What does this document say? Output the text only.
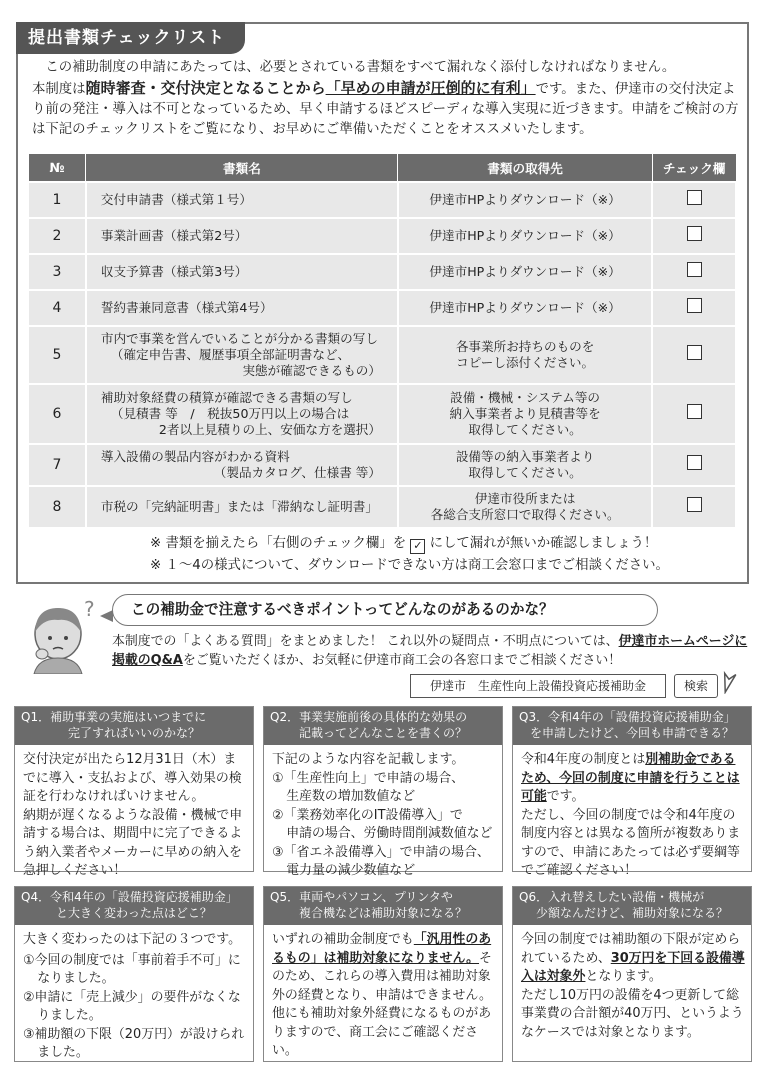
提出書類チェックリスト

この補助制度の申請にあたっては、必要とされている書類をすべて漏れなく添付しなければなりません。

本制度は随時審査・交付決定となることから「早めの申請が圧倒的に有利」です。また、伊達市の交付決定より前の発注・導入は不可となっているため、早く申請するほどスピーディな導入実現に近づきます。申請をご検討の方は下記のチェックリストをご覧になり、お早めにご準備いただくことをオススメいたします。
№	書類名	書類の取得先	チェック欄
1	交付申請書（様式第１号）	伊達市HPよりダウンロード（※）	
2	事業計画書（様式第2号）	伊達市HPよりダウンロード（※）	
3	収支予算書（様式第3号）	伊達市HPよりダウンロード（※）	
4	誓約書兼同意書（様式第4号）	伊達市HPよりダウンロード（※）	
5	市内で事業を営んでいることが分かる書類の写し
（確定申告書、履歴事項全部証明書など、
実態が確認できるもの）	各事業所お持ちのものを
コピーし添付ください。	

6	補助対象経費の積算が確認できる書類の写し
（見積書 等　/　税抜50万円以上の場合は
2者以上見積りの上、安価な方を選択）	設備・機械・システム等の
納入事業者より見積書等を
取得してください。	

7	導入設備の製品内容がわかる資料
（製品カタログ、仕様書 等）	設備等の納入事業者より
取得してください。	

8	市税の「完納証明書」または「滞納なし証明書」	伊達市役所または
各総合支所窓口で取得ください。	

※ 書類を揃えたら「右側のチェック欄」を ✓ にして漏れが無いか確認しましょう！
※ １～4の様式について、ダウンロードできない方は商工会窓口までご相談ください。
?	この補助金で注意するべきポイントってどんなのがあるのかな？
本制度での「よくある質問」をまとめました！ これ以外の疑問点・不明点については、伊達市ホームページに掲載のQ&Aをご覧いただくほか、お気軽に伊達市商工会の各窓口までご相談ください！
伊達市　生産性向上設備投資応援補助金	検索
Q1．補助事業の実施はいつまでに
完了すればいいのかな？
交付決定が出たら12月31日（木）までに導入・支払および、導入効果の検証を行わなければいけません。
納期が遅くなるような設備・機械で申請する場合は、期間中に完了できるよう納入業者やメーカーに早めの納入を急押しください！
Q2．事業実施前後の具体的な効果の
記載ってどんなことを書くの？
下記のような内容を記載します。
①「生産性向上」で申請の場合、
生産数の増加数値など
②「業務効率化のIT設備導入」で
申請の場合、労働時間削減数値など
③「省エネ設備導入」で申請の場合、
電力量の減少数値など
Q3．令和4年の「設備投資応援補助金」
を申請したけど、今回も申請できる？
令和4年度の制度とは別補助金であるため、今回の制度に申請を行うことは可能です。
ただし、今回の制度では令和4年度の制度内容とは異なる箇所が複数ありますので、申請にあたっては必ず要綱等でご確認ください！
Q4．令和4年の「設備投資応援補助金」
と大きく変わった点はどこ？
大きく変わったのは下記の３つです。
①今回の制度では「事前着手不可」に
なりました。
②申請に「売上減少」の要件がなくな
りました。
③補助額の下限（20万円）が設けられ
ました。
Q5．車両やパソコン、プリンタや
複合機などは補助対象になる？
いずれの補助金制度でも「汎用性のあるもの」は補助対象になりません。そのため、これらの導入費用は補助対象外の経費となり、申請はできません。
他にも補助対象外経費になるものがありますので、商工会にご確認ください。
Q6．入れ替えしたい設備・機械が
少額なんだけど、補助対象になる？
今回の制度では補助額の下限が定められているため、30万円を下回る設備導入は対象外となります。
ただし10万円の設備を4つ更新して総事業費の合計額が40万円、というようなケースでは対象となります。
